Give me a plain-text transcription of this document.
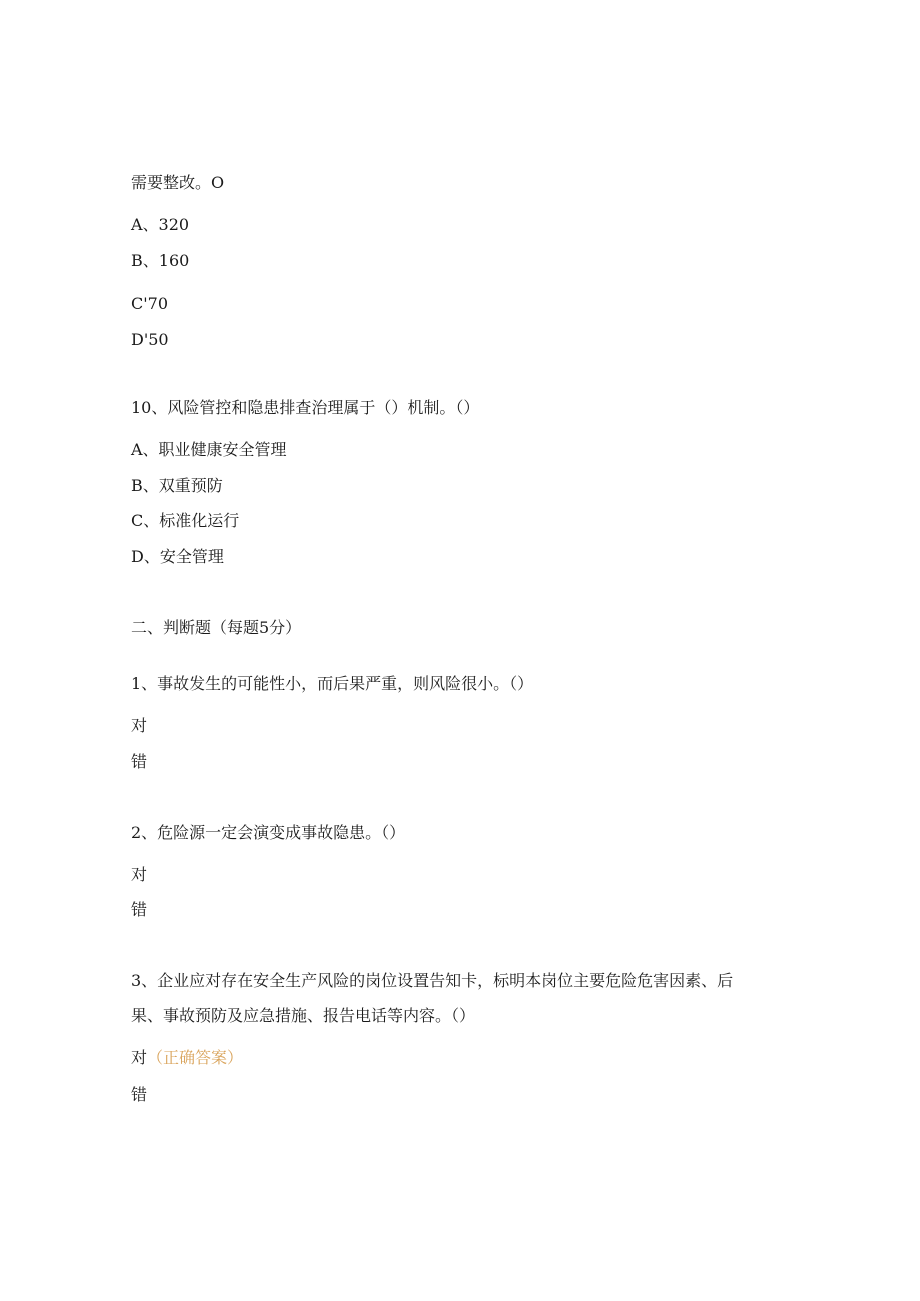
需要整改。O
A、320
B、160
C'70
D'50
10、风险管控和隐患排查治理属于（）机制。（）
A、职业健康安全管理
B、双重预防
C、标准化运行
D、安全管理
二、判断题（每题5分）
1、事故发生的可能性小，而后果严重，则风险很小。（）
对
错
2、危险源一定会演变成事故隐患。（）
对
错
3、企业应对存在安全生产风险的岗位设置告知卡，标明本岗位主要危险危害因素、后
果、事故预防及应急措施、报告电话等内容。（）
对（正确答案）
错
